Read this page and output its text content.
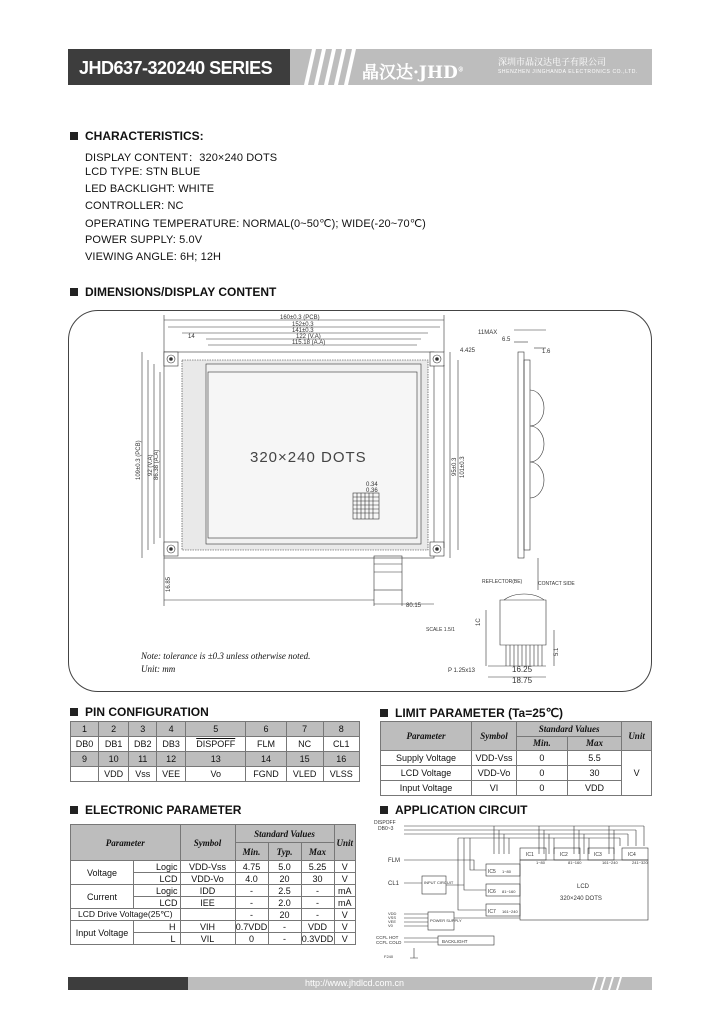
JHD637-320240 SERIES	晶汉达·JHD®
深圳市晶汉达电子有限公司
SHENZHEN JINGHANDA ELECTRONICS CO.,LTD.
CHARACTERISTICS:
DISPLAY CONTENT：320×240 DOTS
LCD TYPE: STN BLUE
LED BACKLIGHT: WHITE
CONTROLLER: NC
OPERATING TEMPERATURE: NORMAL(0~50℃); WIDE(-20~70℃)
POWER SUPPLY: 5.0V
VIEWING ANGLE: 6H; 12H
DIMENSIONS/DISPLAY CONTENT
160±0.3 (PCB)
152±0.3
141±0.3
122 (V.A)
115.18 (A.A)
14
4.425
11MAX
6.5
1.6
0.34
0.36
80.15
REFLECTOR(BE)	CONTACT SIDE
SCALE 1.5/1
P 1.25x13	16.25
18.75
5.1
1C
109±0.3 (PCB) 92 (V.A) 86.38 (A.A)	95±0.3 101±0.3
16.85
320×240 DOTS
Note: tolerance is ±0.3 unless otherwise noted.
Unit: mm
PIN CONFIGURATION
1	2	3	4	5	6	7	8
DB0	DB1	DB2	DB3	DISPOFF	FLM	NC	CL1
9	10	11	12	13	14	15	16
	VDD	Vss	VEE	Vo	FGND	VLED	VLSS
LIMIT PARAMETER (Ta=25℃)
Parameter	Symbol	Standard Values		Unit
		Min.	Max	
Supply Voltage	VDD-Vss	0	5.5	V
LCD Voltage	VDD-Vo	0	30	
Input Voltage	VI	0	VDD	
ELECTRONIC PARAMETER
Parameter		Symbol	Standard Values			Unit
			Min.	Typ.	Max	
Voltage	Logic	VDD-Vss	4.75	5.0	5.25	V
	LCD	VDD-Vo	4.0	20	30	V
Current	Logic	IDD	-	2.5	-	mA
	LCD	IEE	-	2.0	-	mA
LCD Drive Voltage(25℃)			-	20	-	V
Input Voltage	H	VIH	0.7VDD	-	VDD	V
	L	VIL	0	-	0.3VDD	V
APPLICATION CIRCUIT
DISPOFF
DB0~3
FLM
CL1
IC1	IC2	IC3	IC4
IC5
IC6
IC7
1~80
81~160
161~240
1~80	81~160	161~240	241~320
LCD
320×240 DOTS
INPUT CIRCUIT
POWER SUPPLY
VDD
VSS
VEE
V0
CCFL HOT
CCFL COLD	BACKLIGHT
F240
http://www.jhdlcd.com.cn
